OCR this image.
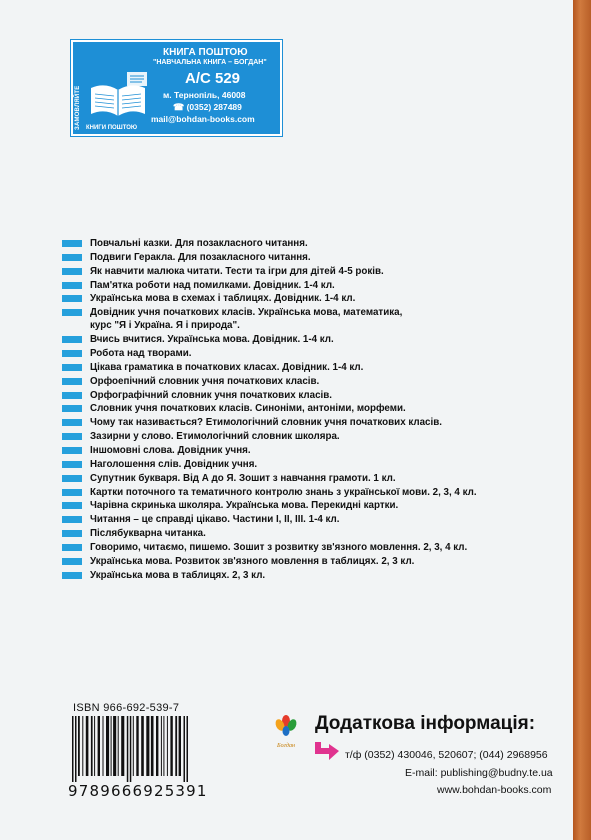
ЗАМОВЛЯЙТЕ КНИГИ ПОШТОЮ
КНИГА ПОШТОЮ
"НАВЧАЛЬНА КНИГА – БОГДАН"
А/С 529
м. Тернопіль, 46008
☎ (0352) 287489
mail@bohdan-books.com
Повчальні казки. Для позакласного читання.
Подвиги Геракла. Для позакласного читання.
Як навчити малюка читати. Тести та ігри для дітей 4-5 років.
Пам'ятка роботи над помилками. Довідник. 1-4 кл.
Українська мова в схемах і таблицях. Довідник. 1-4 кл.
Довідник учня початкових класів. Українська мова, математика,
курс "Я і Україна. Я і природа".
Вчись вчитися. Українська мова. Довідник. 1-4 кл.
Робота над творами.
Цікава граматика в початкових класах. Довідник. 1-4 кл.
Орфоепічний словник учня початкових класів.
Орфографічний словник учня початкових класів.
Словник учня початкових класів. Синоніми, антоніми, морфеми.
Чому так називається? Етимологічний словник учня початкових класів.
Зазирни у слово. Етимологічний словник школяра.
Іншомовні слова. Довідник учня.
Наголошення слів. Довідник учня.
Супутник букваря. Від А до Я. Зошит з навчання грамоти. 1 кл.
Картки поточного та тематичного контролю знань з української мови. 2, 3, 4 кл.
Чарівна скринька школяра. Українська мова. Перекидні картки.
Читання – це справді цікаво. Частини I, II, III. 1-4 кл.
Післябукварна читанка.
Говоримо, читаємо, пишемо. Зошит з розвитку зв'язного мовлення. 2, 3, 4 кл.
Українська мова. Розвиток зв'язного мовлення в таблицях. 2, 3 кл.
Українська мова в таблицях. 2, 3 кл.
ISBN 966-692-539-7
9789666925391
Богдан
Додаткова інформація:
т/ф (0352) 430046, 520607; (044) 2968956
E-mail: publishing@budny.te.ua
www.bohdan-books.com
